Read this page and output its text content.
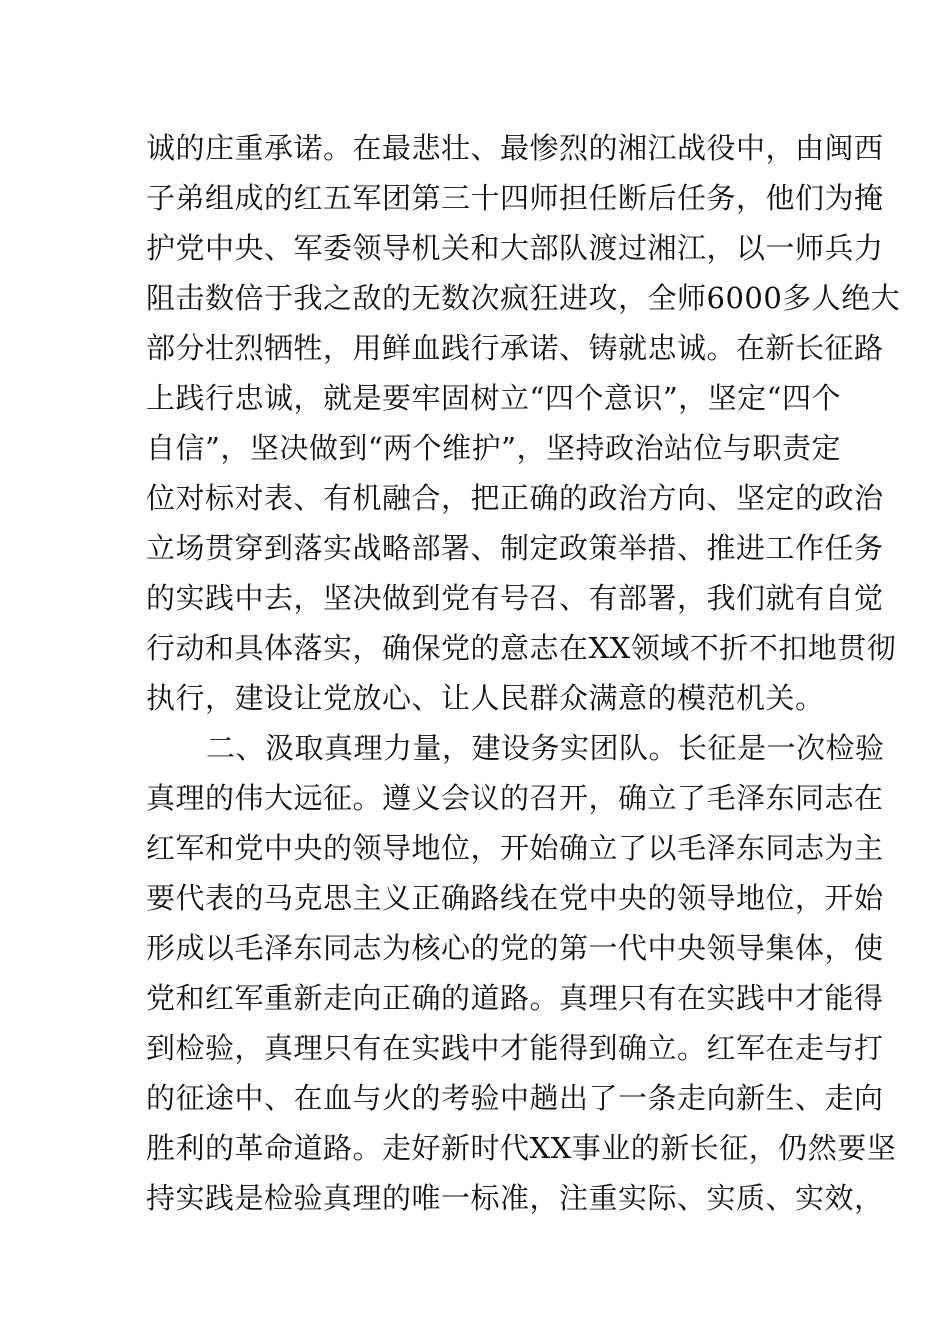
诚的庄重承诺。在最悲壮、最惨烈的湘江战役中，由闽西
子弟组成的红五军团第三十四师担任断后任务，他们为掩
护党中央、军委领导机关和大部队渡过湘江，以一师兵力
阻击数倍于我之敌的无数次疯狂进攻，全师6000多人绝大
部分壮烈牺牲，用鲜血践行承诺、铸就忠诚。在新长征路
上践行忠诚，就是要牢固树立“四个意识”，坚定“四个
自信”，坚决做到“两个维护”，坚持政治站位与职责定
位对标对表、有机融合，把正确的政治方向、坚定的政治
立场贯穿到落实战略部署、制定政策举措、推进工作任务
的实践中去，坚决做到党有号召、有部署，我们就有自觉
行动和具体落实，确保党的意志在XX领域不折不扣地贯彻
执行，建设让党放心、让人民群众满意的模范机关。
二、汲取真理力量，建设务实团队。长征是一次检验
真理的伟大远征。遵义会议的召开，确立了毛泽东同志在
红军和党中央的领导地位，开始确立了以毛泽东同志为主
要代表的马克思主义正确路线在党中央的领导地位，开始
形成以毛泽东同志为核心的党的第一代中央领导集体，使
党和红军重新走向正确的道路。真理只有在实践中才能得
到检验，真理只有在实践中才能得到确立。红军在走与打
的征途中、在血与火的考验中趟出了一条走向新生、走向
胜利的革命道路。走好新时代XX事业的新长征，仍然要坚
持实践是检验真理的唯一标准，注重实际、实质、实效，
